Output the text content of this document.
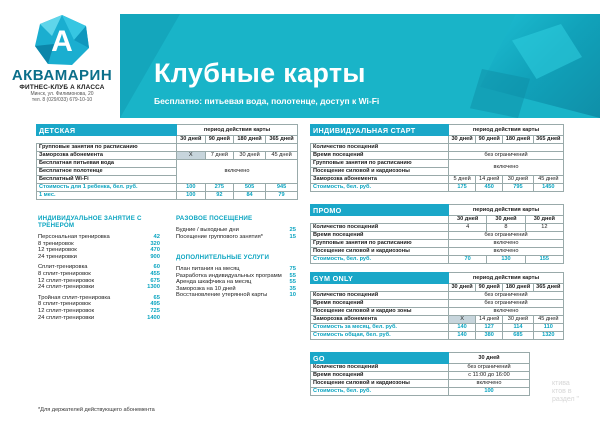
A
АКВАМАРИН
ФИТНЕС-КЛУБ А КЛАССА
Минск, ул. Филимонова, 20
тел. 8 (029/033) 679-10-10
Клубные карты
Бесплатно: питьевая вода, полотенце, доступ к Wi-Fi
ДЕТСКАЯ	период действия карты			
	30 дней	90 дней	180 дней	365 дней
Групповые занятия по расписанию				
Заморозка абонемента	X	7 дней	30 дней	45 дней
Бесплатная питьевая вода	включено			
Бесплатное полотенце				
Бесплатный Wi-Fi				
Стоимость для 1 ребенка, бел. руб.	100	275	505	945
1 мес.	100	92	84	79
ИНДИВИДУАЛЬНОЕ ЗАНЯТИЕ С ТРЕНЕРОМ
Персональная тренировка	42
8 тренировок	320
12 тренировок	470
24 тренировки	900
Сплит-тренировка	60
8 сплит-тренировок	455
12 сплит-тренировок	675
24 сплит-тренировки	1300
Тройная сплит-тренировка	65
8 сплит-тренировок	495
12 сплит-тренировок	725
24 сплит-тренировки	1400
РАЗОВОЕ ПОСЕЩЕНИЕ
Будние / выходные дни	25
Посещение группового занятия*	15
ДОПОЛНИТЕЛЬНЫЕ УСЛУГИ
План питания на месяц	75
Разработка индивидуальных программ 55
Аренда шкафчика на месяц	55
Заморозка на 10 дней	35
Восстановление утерянной карты	10
ИНДИВИДУАЛЬНАЯ СТАРТ	период действия карты			
	30 дней	90 дней	180 дней	365 дней
Количество посещений				
Время посещений	без ограничений			
Групповые занятия по расписанию	включено			
Посещение силовой и кардиозоны				
Заморозка абонемента	5 дней	14 дней	30 дней	45 дней
Стоимость, бел. руб.	175	450	795	1450
ПРОМО	период действия карты		
	30 дней	30 дней	30 дней
Количество посещений	4	8	12
Время посещений	без ограничений		
Групповые занятия по расписанию	включено		
Посещение силовой и кардиозоны	включено		
Стоимость, бел. руб.	70	130	155
GYM ONLY	период действия карты			
	30 дней	90 дней	180 дней	365 дней
Количество посещений	без ограничений			
Время посещений	без ограничений			
Посещение силовой и кардио зоны	включено			
Заморозка абонемента	X	14 дней	30 дней	45 дней
Стоимость за месяц, бел. руб.	140	127	114	110
Стоимость общая, бел. руб.	140	380	685	1320
GO	30 дней
Количество посещений	без ограничений
Время посещений	с 11:00 до 16:00
Посещение силовой и кардиозоны	включено
Стоимость, бел. руб.	100
*Для держателей действующего абонемента
ктива
ктов в
раздел "
